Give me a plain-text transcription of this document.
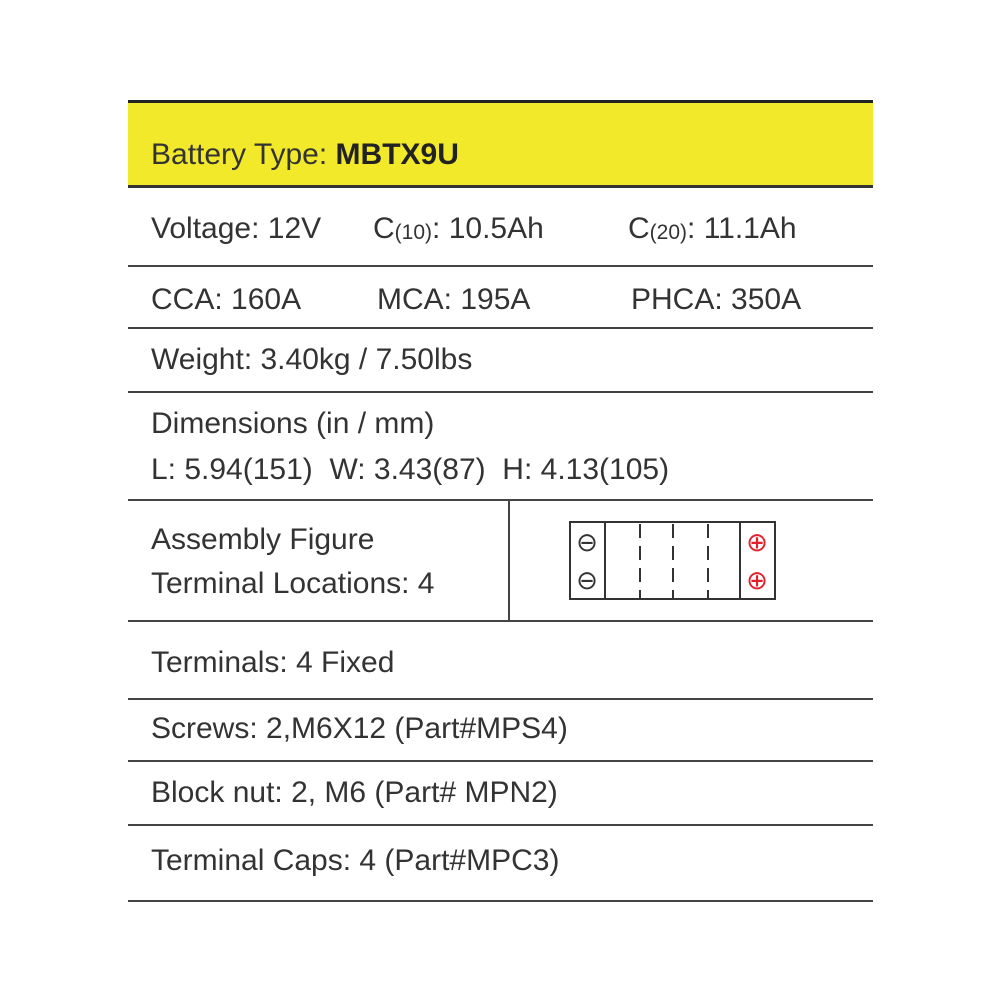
Battery Type: MBTX9U
Voltage: 12V $C_{(10)}$: 10.5Ah	$C_{(20)}$: 11.1Ah
CCA: 160A	MCA: 195A	PHCA: 350A
Weight: 3.40kg / 7.50lbs
Dimensions (in / mm)
L: 5.94(151)  W: 3.43(87)  H: 4.13(105)
Assembly Figure
Terminal Locations: 4
⊖
⊖
⊕
⊕
Terminals: 4 Fixed
Screws: 2,M6X12 (Part#MPS4)
Block nut: 2, M6 (Part# MPN2)
Terminal Caps: 4 (Part#MPC3)
